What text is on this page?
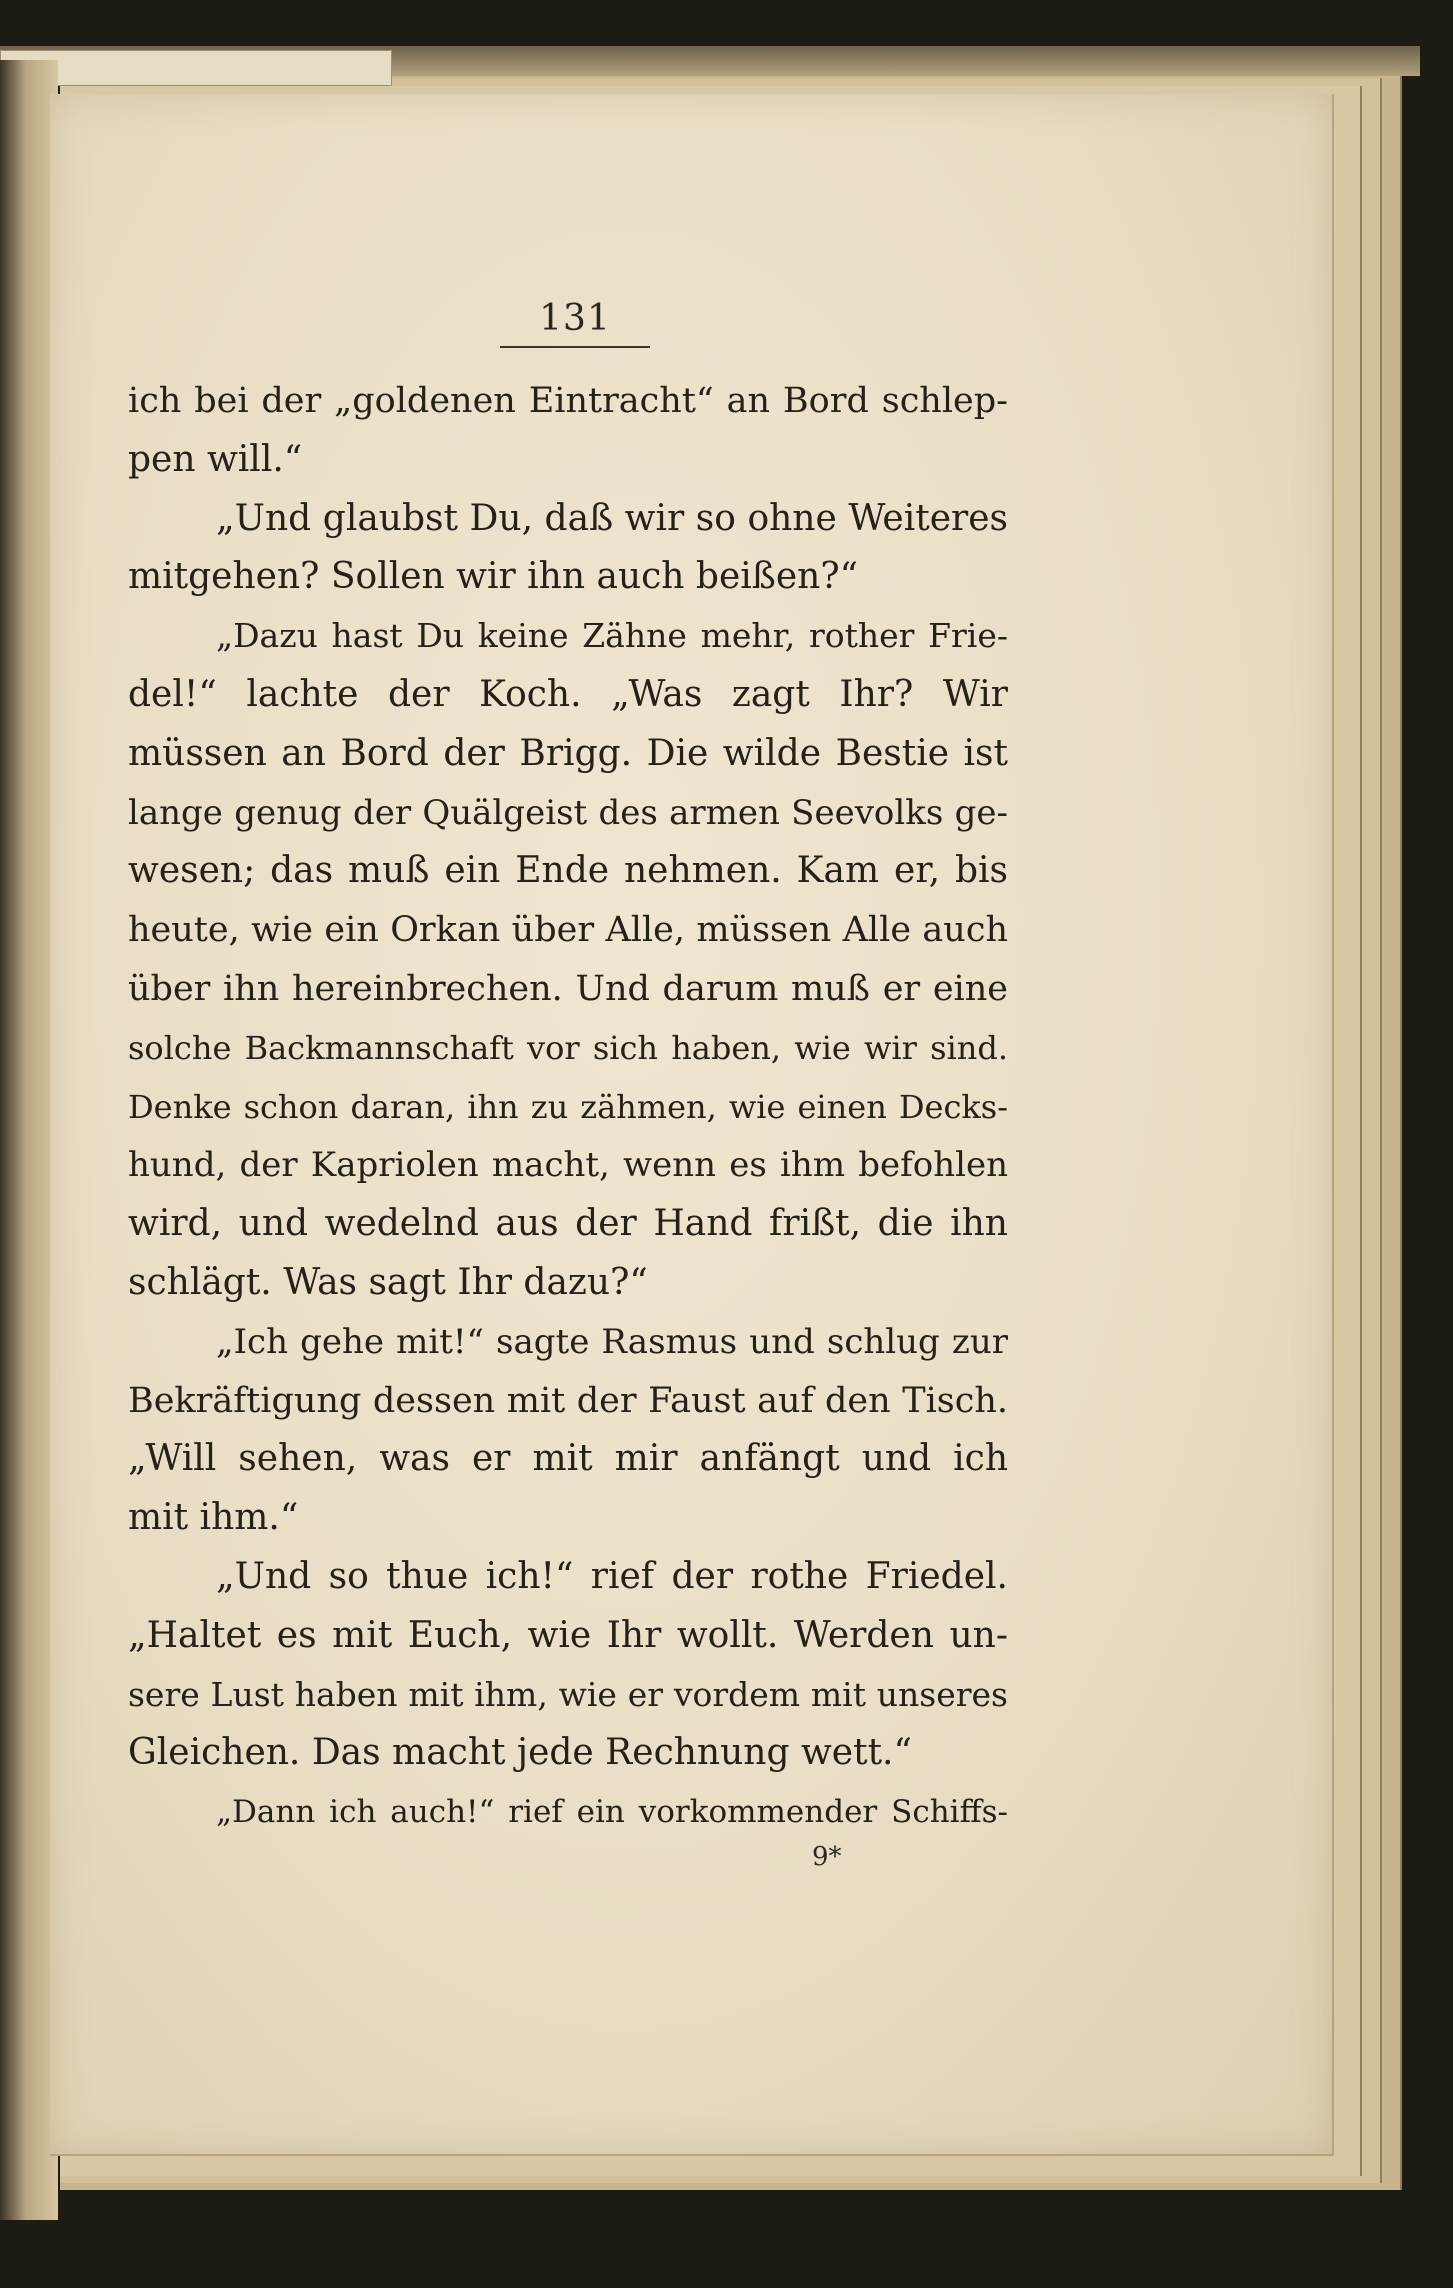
131
ich bei der „goldenen Eintracht“ an Bord schlep-
pen will.“
„Und glaubst Du, daß wir so ohne Weiteres
mitgehen? Sollen wir ihn auch beißen?“
„Dazu hast Du keine Zähne mehr, rother Frie-
del!“ lachte der Koch. „Was zagt Ihr? Wir
müssen an Bord der Brigg. Die wilde Bestie ist
lange genug der Quälgeist des armen Seevolks ge-
wesen; das muß ein Ende nehmen. Kam er, bis
heute, wie ein Orkan über Alle, müssen Alle auch
über ihn hereinbrechen. Und darum muß er eine
solche Backmannschaft vor sich haben, wie wir sind.
Denke schon daran, ihn zu zähmen, wie einen Decks-
hund, der Kapriolen macht, wenn es ihm befohlen
wird, und wedelnd aus der Hand frißt, die ihn
schlägt. Was sagt Ihr dazu?“
„Ich gehe mit!“ sagte Rasmus und schlug zur
Bekräftigung dessen mit der Faust auf den Tisch.
„Will sehen, was er mit mir anfängt und ich
mit ihm.“
„Und so thue ich!“ rief der rothe Friedel.
„Haltet es mit Euch, wie Ihr wollt. Werden un-
sere Lust haben mit ihm, wie er vordem mit unseres
Gleichen. Das macht jede Rechnung wett.“
„Dann ich auch!“ rief ein vorkommender Schiffs-
9*
